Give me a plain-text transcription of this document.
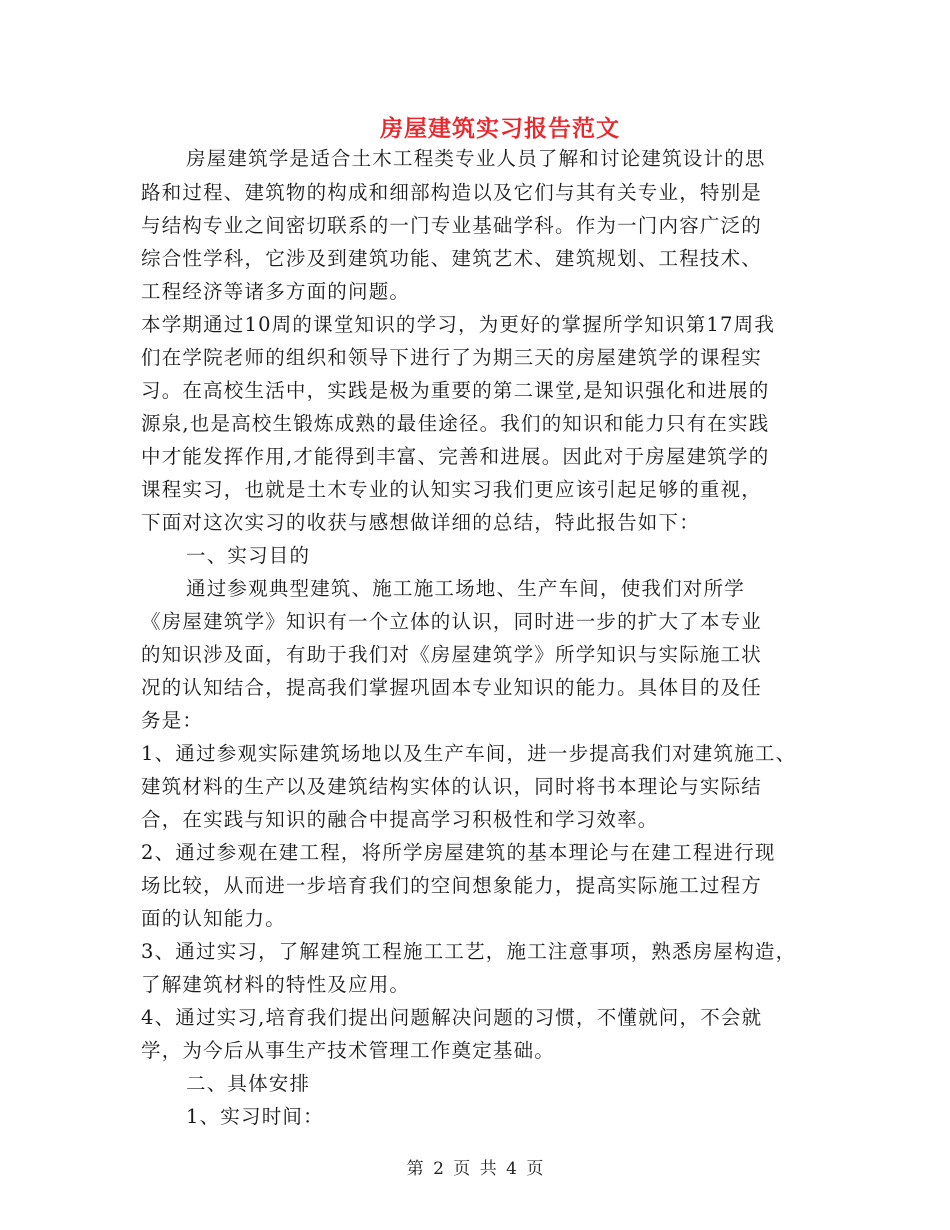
房屋建筑实习报告范文
房屋建筑学是适合土木工程类专业人员了解和讨论建筑设计的思
路和过程、建筑物的构成和细部构造以及它们与其有关专业，特别是
与结构专业之间密切联系的一门专业基础学科。作为一门内容广泛的
综合性学科，它涉及到建筑功能、建筑艺术、建筑规划、工程技术、
工程经济等诸多方面的问题。
本学期通过10周的课堂知识的学习，为更好的掌握所学知识第17周我
们在学院老师的组织和领导下进行了为期三天的房屋建筑学的课程实
习。在高校生活中，实践是极为重要的第二课堂,是知识强化和进展的
源泉,也是高校生锻炼成熟的最佳途径。我们的知识和能力只有在实践
中才能发挥作用,才能得到丰富、完善和进展。因此对于房屋建筑学的
课程实习，也就是土木专业的认知实习我们更应该引起足够的重视，
下面对这次实习的收获与感想做详细的总结，特此报告如下：
一、实习目的
通过参观典型建筑、施工施工场地、生产车间，使我们对所学
《房屋建筑学》知识有一个立体的认识，同时进一步的扩大了本专业
的知识涉及面，有助于我们对《房屋建筑学》所学知识与实际施工状
况的认知结合，提高我们掌握巩固本专业知识的能力。具体目的及任
务是：
1、通过参观实际建筑场地以及生产车间，进一步提高我们对建筑施工、
建筑材料的生产以及建筑结构实体的认识，同时将书本理论与实际结
合，在实践与知识的融合中提高学习积极性和学习效率。
2、通过参观在建工程，将所学房屋建筑的基本理论与在建工程进行现
场比较，从而进一步培育我们的空间想象能力，提高实际施工过程方
面的认知能力。
3、通过实习，了解建筑工程施工工艺，施工注意事项，熟悉房屋构造，
了解建筑材料的特性及应用。
4、通过实习,培育我们提出问题解决问题的习惯，不懂就问，不会就
学，为今后从事生产技术管理工作奠定基础。
二、具体安排
1、实习时间：
第 2 页 共 4 页
